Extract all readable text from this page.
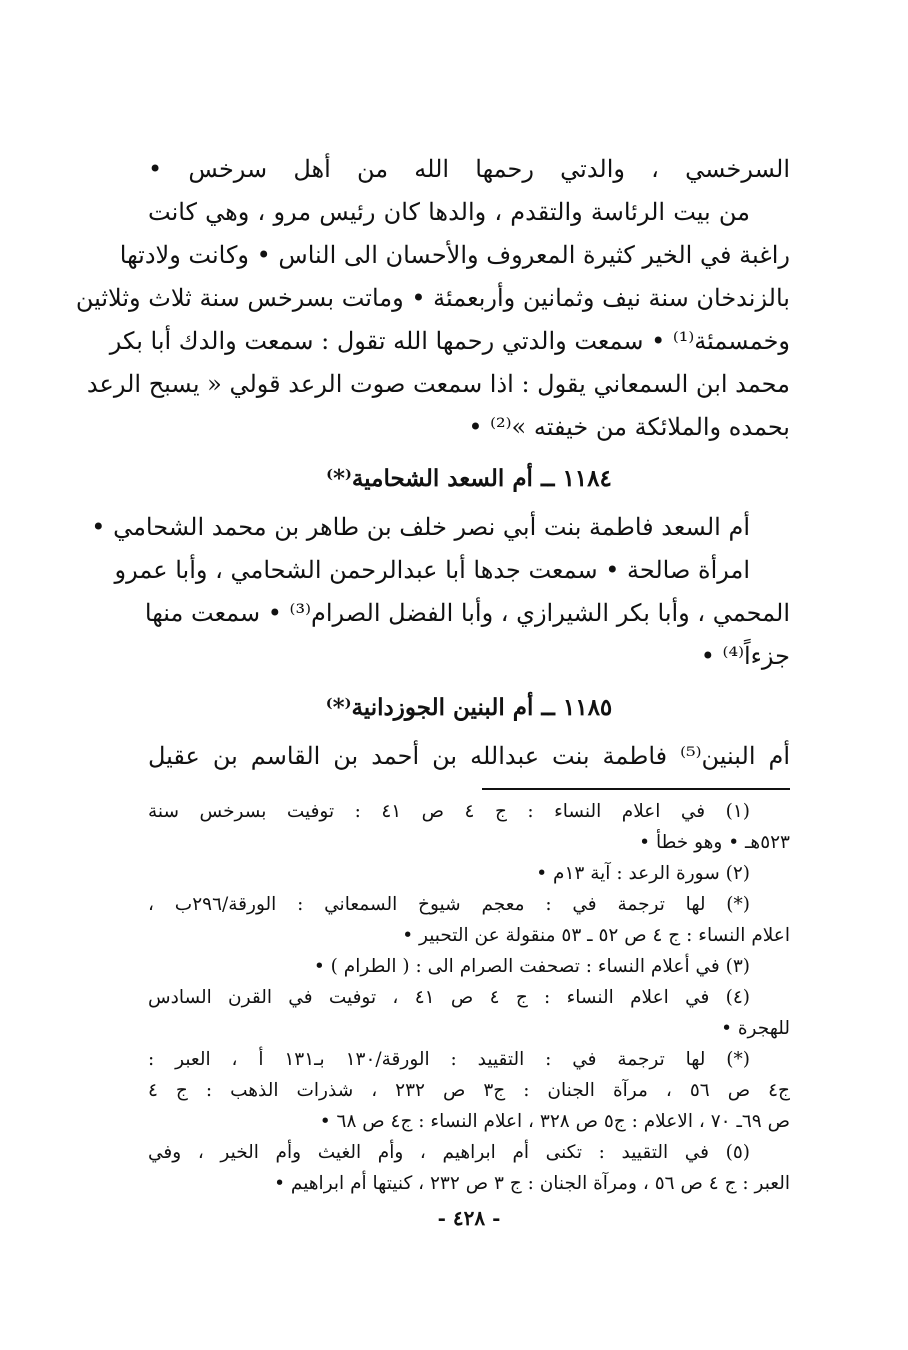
السرخسي ، والدتي رحمها الله من أهل سرخس •
من بيت الرئاسة والتقدم ، والدها كان رئيس مرو ، وهي كانت
راغبة في الخير كثيرة المعروف والأحسان الى الناس • وكانت ولادتها
بالزندخان سنة نيف وثمانين وأربعمئة • وماتت بسرخس سنة ثلاث وثلاثين
وخمسمئة⁽¹⁾ • سمعت والدتي رحمها الله تقول : سمعت والدك أبا بكر
محمد ابن السمعاني يقول : اذا سمعت صوت الرعد قولي « يسبح الرعد
بحمده والملائكة من خيفته »⁽²⁾ •
١١٨٤ ــ أم السعد الشحامية⁽*⁾
أم السعد فاطمة بنت أبي نصر خلف بن طاهر بن محمد الشحامي •
امرأة صالحة • سمعت جدها أبا عبدالرحمن الشحامي ، وأبا عمرو
المحمي ، وأبا بكر الشيرازي ، وأبا الفضل الصرام⁽³⁾ • سمعت منها
جزءاً⁽⁴⁾ •
١١٨٥ ــ أم البنين الجوزدانية⁽*⁾
أم البنين⁽⁵⁾ فاطمة بنت عبدالله بن أحمد بن القاسم بن عقيل
(١) في اعلام النساء : ج ٤ ص ٤١ : توفيت بسرخس سنة
٥٢٣هـ • وهو خطأ •
(٢) سورة الرعد : آية ١٣م •
(*) لها ترجمة في : معجم شيوخ السمعاني : الورقة/٢٩٦ب ،
اعلام النساء : ج ٤ ص ٥٢ ـ ٥٣ منقولة عن التحبير •
(٣) في أعلام النساء : تصحفت الصرام الى : ( الطرام ) •
(٤) في اعلام النساء : ج ٤ ص ٤١ ، توفيت في القرن السادس
للهجرة •
(*) لها ترجمة في : التقييد : الورقة/١٣٠ بـ١٣١ أ ، العبر :
ج٤ ص ٥٦ ، مرآة الجنان : ج٣ ص ٢٣٢ ، شذرات الذهب : ج ٤
ص ٦٩ـ ٧٠ ، الاعلام : ج٥ ص ٣٢٨ ، اعلام النساء : ج٤ ص ٦٨ •
(٥) في التقييد : تكنى أم ابراهيم ، وأم الغيث وأم الخير ، وفي
العبر : ج ٤ ص ٥٦ ، ومرآة الجنان : ج ٣ ص ٢٣٢ ، كنيتها أم ابراهيم •
- ٤٢٨ -
